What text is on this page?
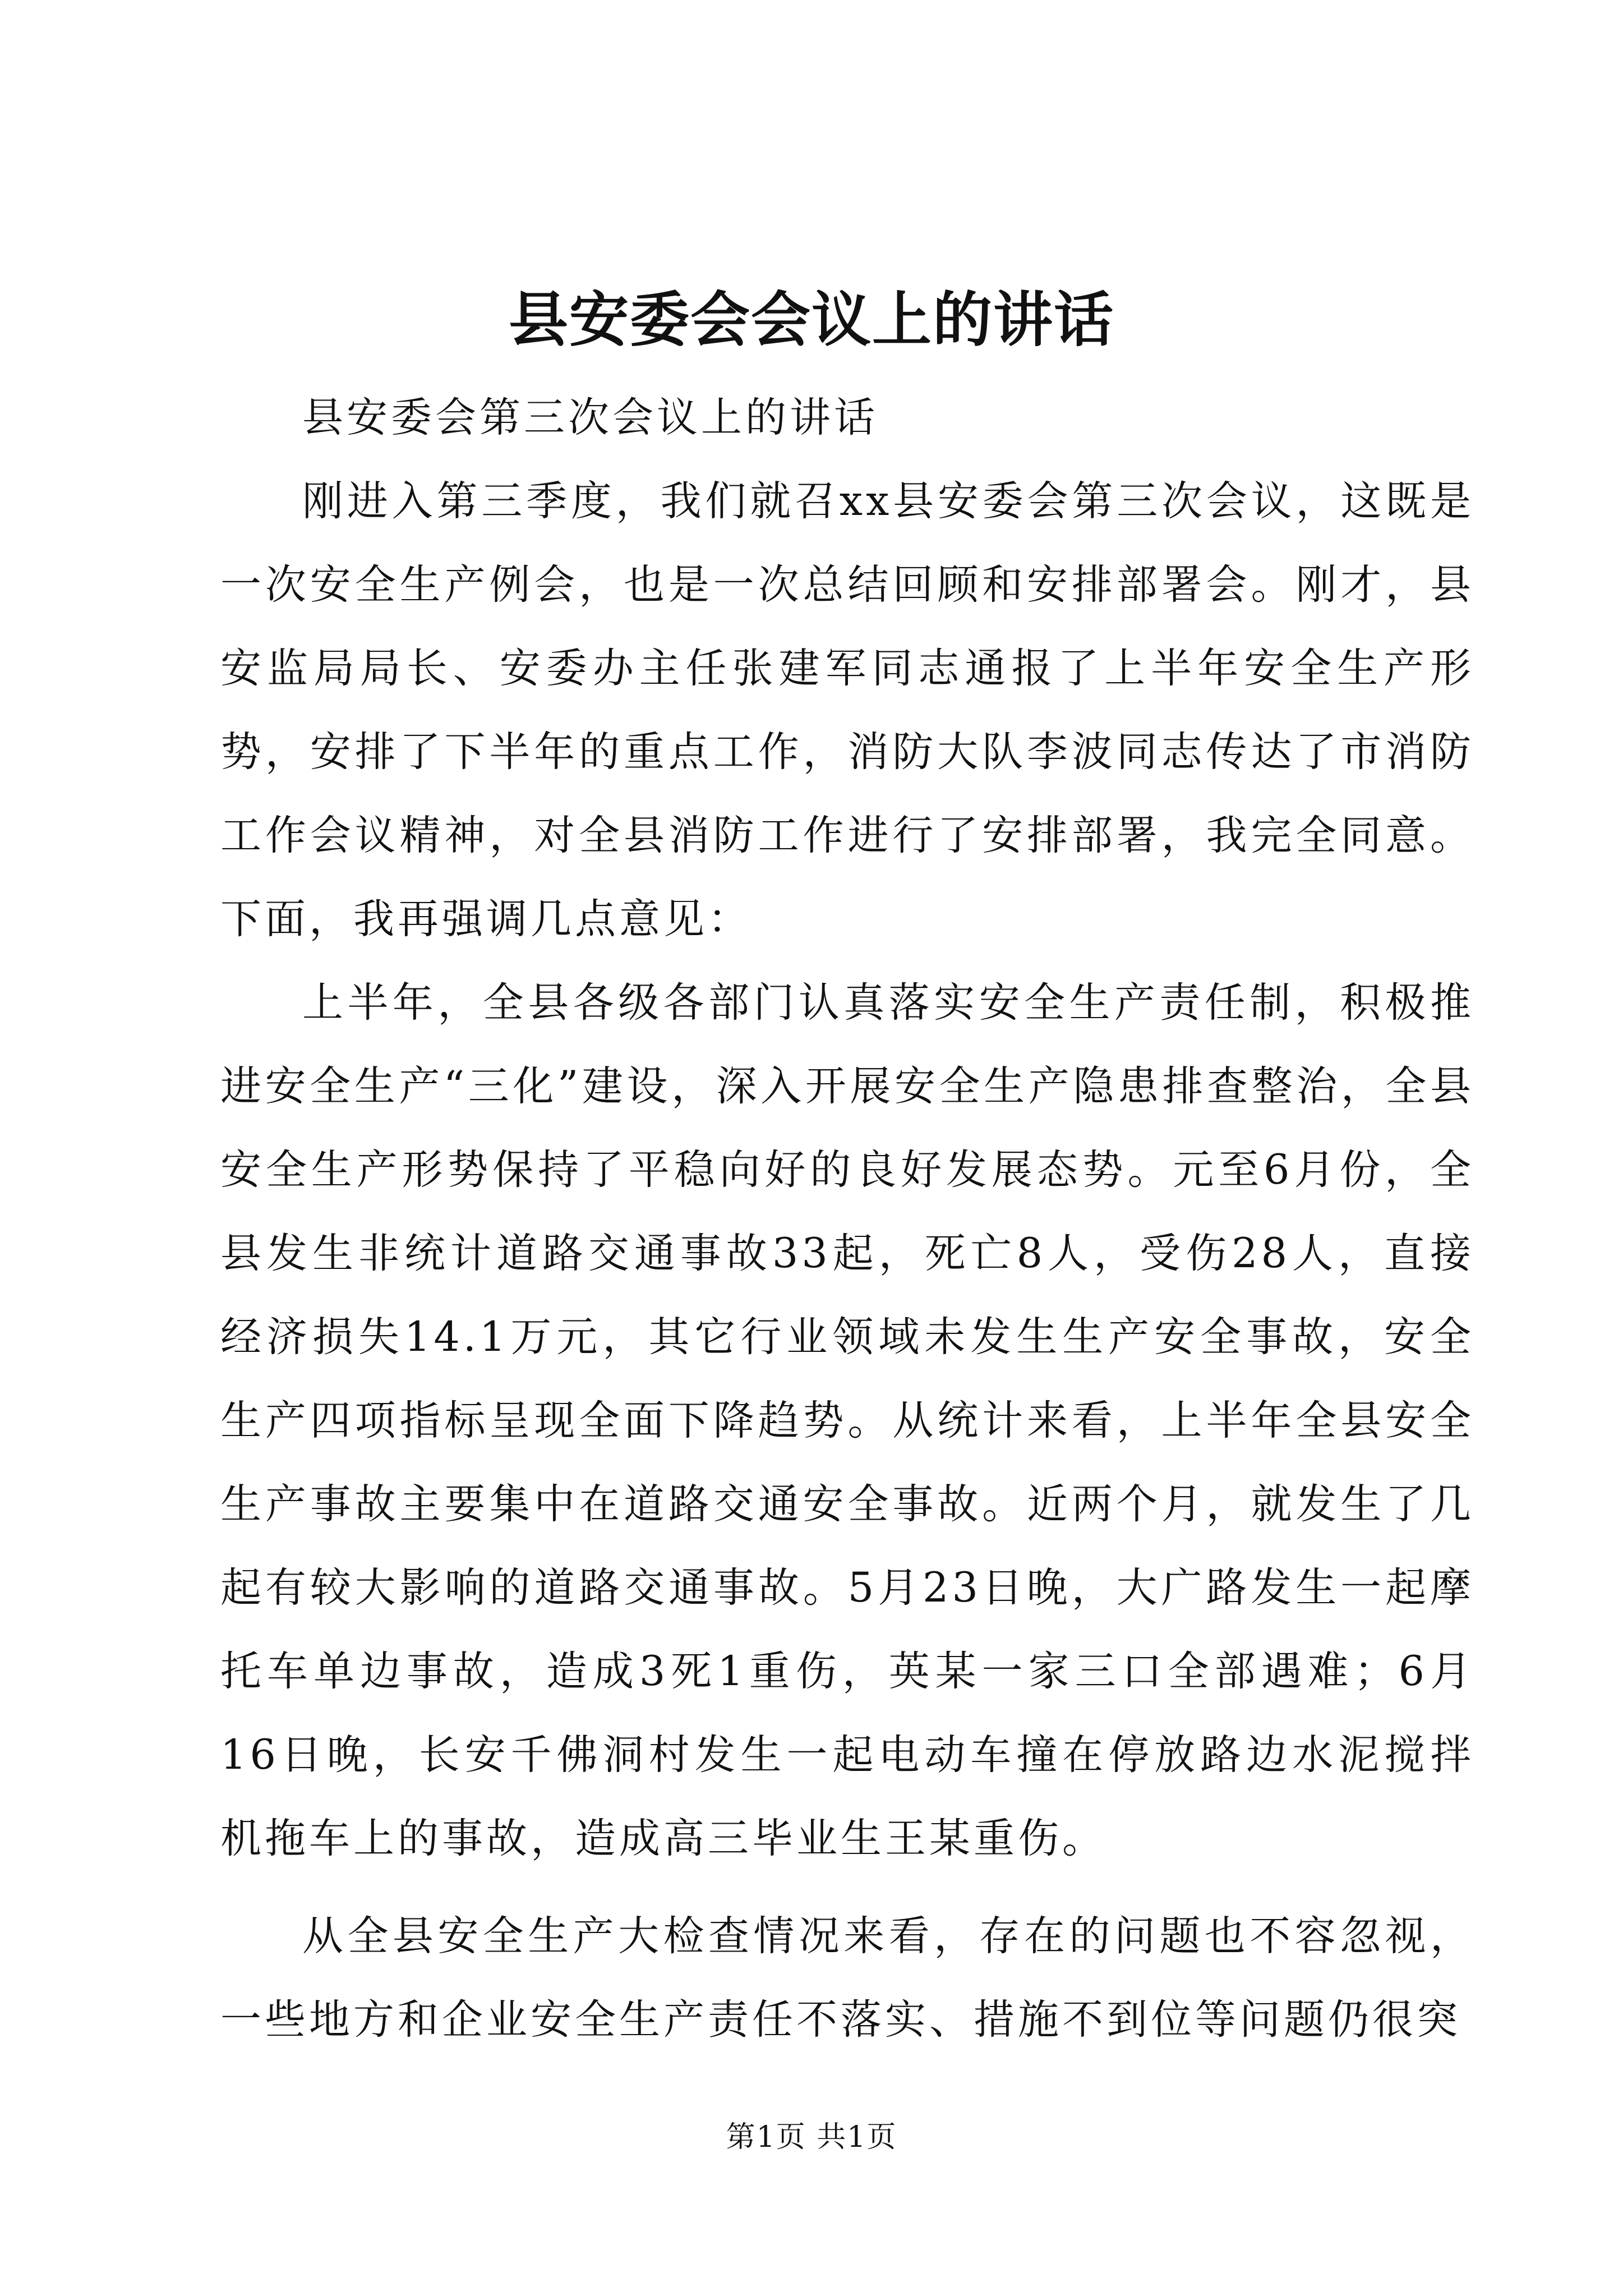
县安委会会议上的讲话

县安委会第三次会议上的讲话

刚进入第三季度，我们就召xx县安委会第三次会议，这既是一次安全生产例会，也是一次总结回顾和安排部署会。刚才，县安监局局长、安委办主任张建军同志通报了上半年安全生产形势，安排了下半年的重点工作，消防大队李波同志传达了市消防工作会议精神，对全县消防工作进行了安排部署，我完全同意。下面，我再强调几点意见：

上半年，全县各级各部门认真落实安全生产责任制，积极推进安全生产“三化”建设，深入开展安全生产隐患排查整治，全县安全生产形势保持了平稳向好的良好发展态势。元至6月份，全县发生非统计道路交通事故33起，死亡8人，受伤28人，直接经济损失14.1万元，其它行业领域未发生生产安全事故，安全生产四项指标呈现全面下降趋势。从统计来看，上半年全县安全生产事故主要集中在道路交通安全事故。近两个月，就发生了几起有较大影响的道路交通事故。5月23日晚，大广路发生一起摩托车单边事故，造成3死1重伤，英某一家三口全部遇难；6月16日晚，长安千佛洞村发生一起电动车撞在停放路边水泥搅拌机拖车上的事故，造成高三毕业生王某重伤。

从全县安全生产大检查情况来看，存在的问题也不容忽视，一些地方和企业安全生产责任不落实、措施不到位等问题仍很突

第1页 共1页
